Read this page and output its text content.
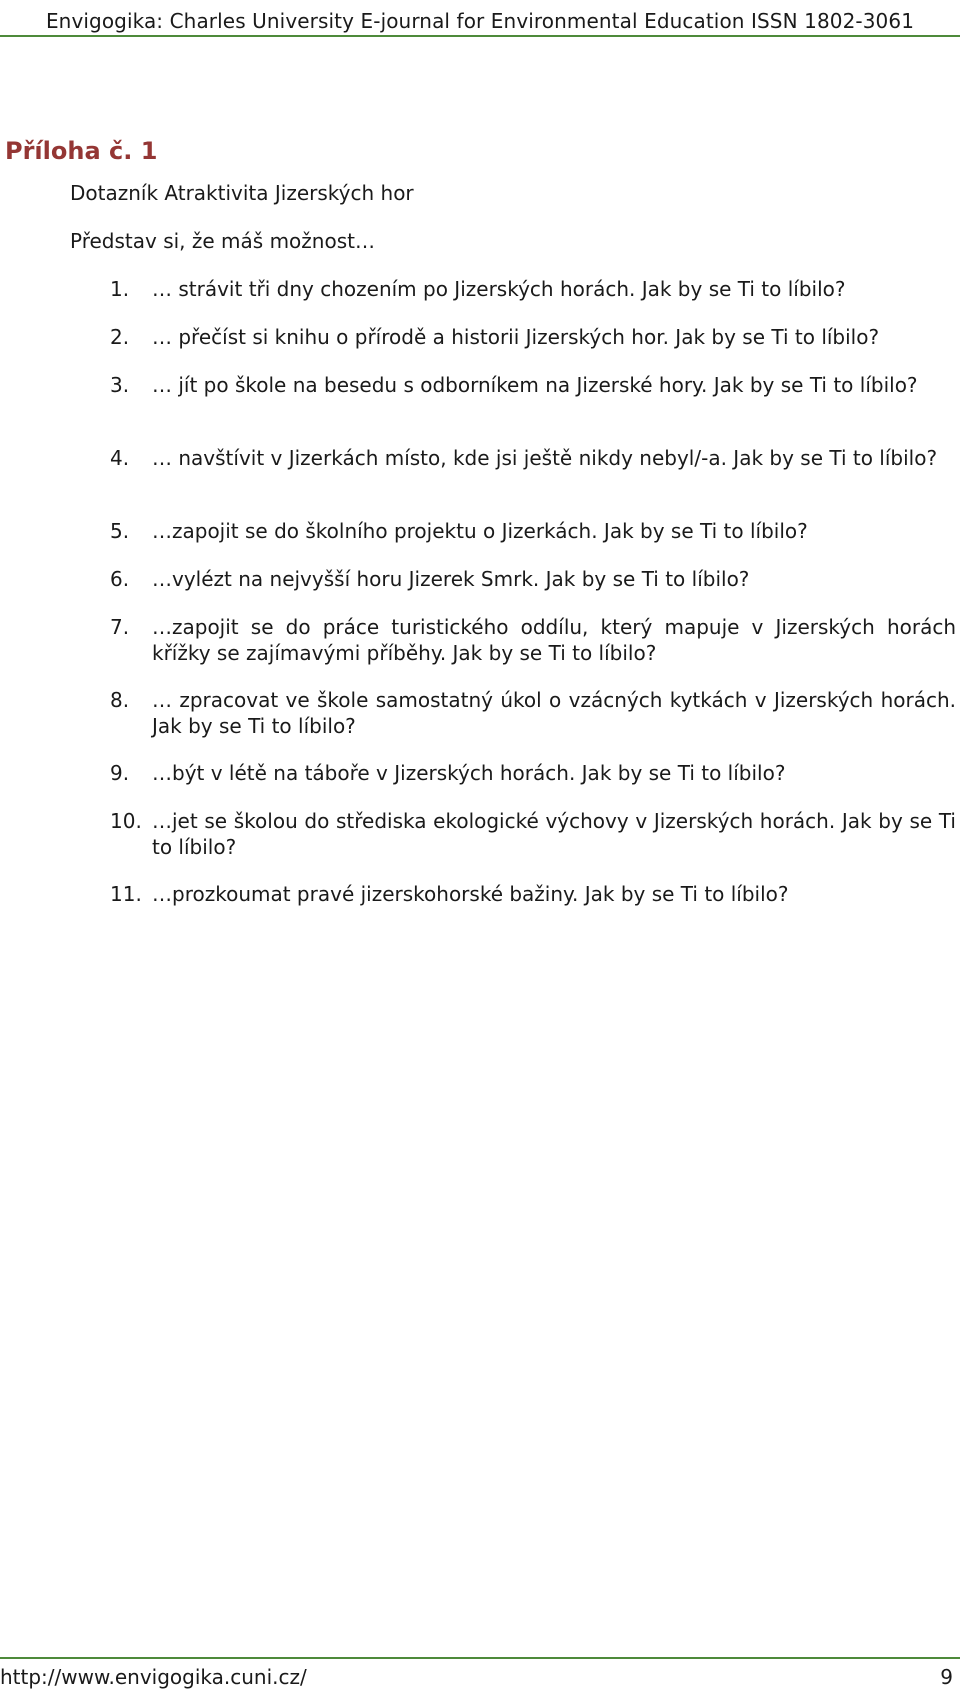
Envigogika: Charles University E-journal for Environmental Education ISSN 1802-3061
Příloha č. 1
Dotazník Atraktivita Jizerských hor
Představ si, že máš možnost…
1. … strávit tři dny chozením po Jizerských horách. Jak by se Ti to líbilo?
2. … přečíst si knihu o přírodě a historii Jizerských hor. Jak by se Ti to líbilo?
3. … jít po škole na besedu s odborníkem na Jizerské hory. Jak by se Ti to líbilo?
4. … navštívit v Jizerkách místo, kde jsi ještě nikdy nebyl/-a. Jak by se Ti to líbilo?
5. …zapojit se do školního projektu o Jizerkách. Jak by se Ti to líbilo?
6. …vylézt na nejvyšší horu Jizerek Smrk. Jak by se Ti to líbilo?
7. …zapojit se do práce turistického oddílu, který mapuje v Jizerských horách křížky se zajímavými příběhy. Jak by se Ti to líbilo?
8. … zpracovat ve škole samostatný úkol o vzácných kytkách v Jizerských horách. Jak by se Ti to líbilo?
9. …být v létě na táboře v Jizerských horách. Jak by se Ti to líbilo?
10. …jet se školou do střediska ekologické výchovy v Jizerských horách. Jak by se Ti to líbilo?
11. …prozkoumat pravé jizerskohorské bažiny. Jak by se Ti to líbilo?
http://www.envigogika.cuni.cz/	9
